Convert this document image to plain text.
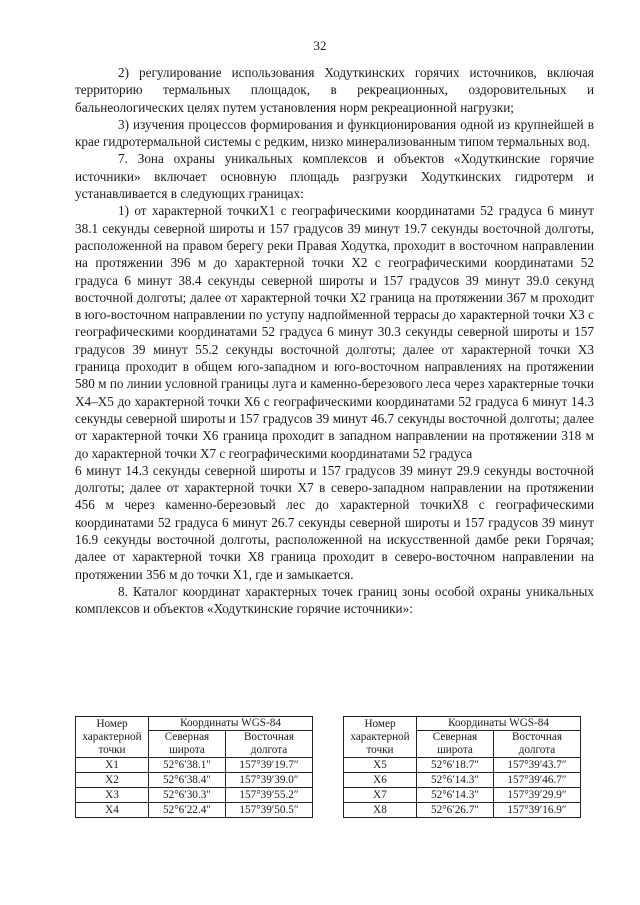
32

2) регулирование использования Ходуткинских горячих источников, включая территорию термальных площадок, в рекреационных, оздоровительных и бальнеологических целях путем установления норм рекреационной нагрузки;

3) изучения процессов формирования и функционирования одной из крупнейшей в крае гидротермальной системы с редким, низко минерализованным типом термальных вод.

7. Зона охраны уникальных комплексов и объектов «Ходуткинские горячие источники» включает основную площадь разгрузки Ходуткинских гидротерм и устанавливается в следующих границах:

1) от характерной точкиX1 с географическими координатами 52 градуса 6 минут 38.1 секунды северной широты и 157 градусов 39 минут 19.7 секунды восточной долготы, расположенной на правом берегу реки Правая Ходутка, проходит в восточном направлении на протяжении 396 м до характерной точки X2 с географическими координатами 52 градуса 6 минут 38.4 секунды северной широты и 157 градусов 39 минут 39.0 секунд восточной долготы; далее от характерной точки X2 граница на протяжении 367 м проходит в юго-восточном направлении по уступу надпойменной террасы до характерной точки X3 с географическими координатами 52 градуса 6 минут 30.3 секунды северной широты и 157 градусов 39 минут 55.2 секунды восточной долготы; далее от характерной точки X3 граница проходит в общем юго-западном и юго-восточном направлениях на протяжении 580 м по линии условной границы луга и каменно-березового леса через характерные точки X4–X5 до характерной точки X6 с географическими координатами 52 градуса 6 минут 14.3 секунды северной широты и 157 градусов 39 минут 46.7 секунды восточной долготы; далее от характерной точки X6 граница проходит в западном направлении на протяжении 318 м до характерной точки X7 с географическими координатами 52 градуса

6 минут 14.3 секунды северной широты и 157 градусов 39 минут 29.9 секунды восточной долготы; далее от характерной точки X7 в северо-западном направлении на протяжении 456 м через каменно-березовый лес до характерной точкиX8 с географическими координатами 52 градуса 6 минут 26.7 секунды северной широты и 157 градусов 39 минут 16.9 секунды восточной долготы, расположенной на искусственной дамбе реки Горячая; далее от характерной точки X8 граница проходит в северо-восточном направлении на протяжении 356 м до точки X1, где и замыкается.

8. Каталог координат характерных точек границ зоны особой охраны уникальных комплексов и объектов «Ходуткинские горячие источники»:

Номер характерной точки	Координаты WGS-84	
	Северная широта	Восточная долгота
X1	52°6′38.1″	157°39′19.7″
X2	52°6′38.4″	157°39′39.0″
X3	52°6′30.3″	157°39′55.2″
X4	52°6′22.4″	157°39′50.5″
Номер характерной точки	Координаты WGS-84	
	Северная широта	Восточная долгота
X5	52°6′18.7″	157°39′43.7″
X6	52°6′14.3″	157°39′46.7″
X7	52°6′14.3″	157°39′29.9″
X8	52°6′26.7″	157°39′16.9″
